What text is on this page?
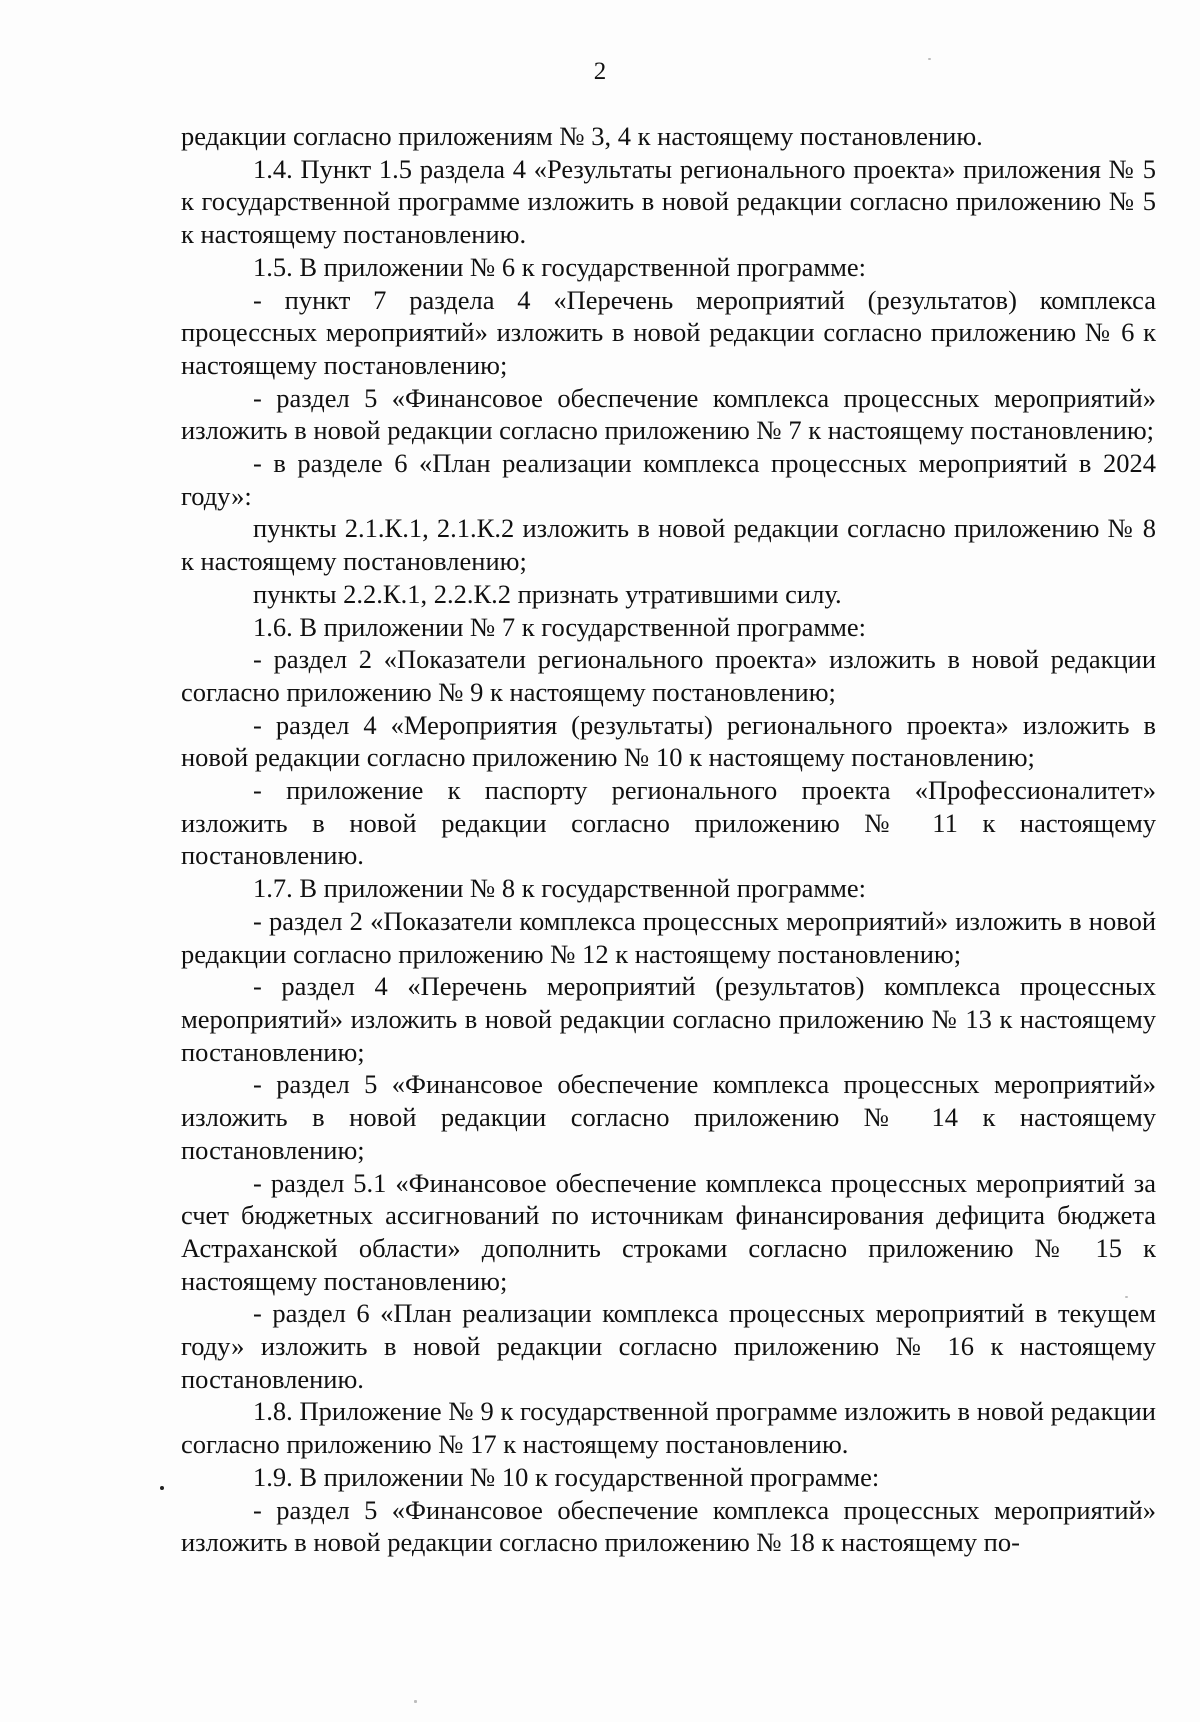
2

редакции согласно приложениям № 3, 4 к настоящему постановлению.

1.4. Пункт 1.5 раздела 4 «Результаты регионального проекта» приложения № 5 к государственной программе изложить в новой редакции согласно приложению № 5 к настоящему постановлению.

1.5. В приложении № 6 к государственной программе:

- пункт 7 раздела 4 «Перечень мероприятий (результатов) комплекса процессных мероприятий» изложить в новой редакции согласно приложению № 6 к настоящему постановлению;

- раздел 5 «Финансовое обеспечение комплекса процессных мероприятий» изложить в новой редакции согласно приложению № 7 к настоящему постановлению;

- в разделе 6 «План реализации комплекса процессных мероприятий в 2024 году»:

пункты 2.1.К.1, 2.1.К.2 изложить в новой редакции согласно приложению № 8 к настоящему постановлению;

пункты 2.2.К.1, 2.2.К.2 признать утратившими силу.

1.6. В приложении № 7 к государственной программе:

- раздел 2 «Показатели регионального проекта» изложить в новой редакции согласно приложению № 9 к настоящему постановлению;

- раздел 4 «Мероприятия (результаты) регионального проекта» изложить в новой редакции согласно приложению № 10 к настоящему постановлению;

- приложение к паспорту регионального проекта «Профессионалитет» изложить в новой редакции согласно приложению № 11 к настоящему постановлению.

1.7. В приложении № 8 к государственной программе:

- раздел 2 «Показатели комплекса процессных мероприятий» изложить в новой редакции согласно приложению № 12 к настоящему постановлению;

- раздел 4 «Перечень мероприятий (результатов) комплекса процессных мероприятий» изложить в новой редакции согласно приложению № 13 к настоящему постановлению;

- раздел 5 «Финансовое обеспечение комплекса процессных мероприятий» изложить в новой редакции согласно приложению № 14 к настоящему постановлению;

- раздел 5.1 «Финансовое обеспечение комплекса процессных мероприятий за счет бюджетных ассигнований по источникам финансирования дефицита бюджета Астраханской области» дополнить строками согласно приложению № 15 к настоящему постановлению;

- раздел 6 «План реализации комплекса процессных мероприятий в текущем году» изложить в новой редакции согласно приложению № 16 к настоящему постановлению.

1.8. Приложение № 9 к государственной программе изложить в новой редакции согласно приложению № 17 к настоящему постановлению.

1.9. В приложении № 10 к государственной программе:

- раздел 5 «Финансовое обеспечение комплекса процессных мероприятий» изложить в новой редакции согласно приложению № 18 к настоящему по-
